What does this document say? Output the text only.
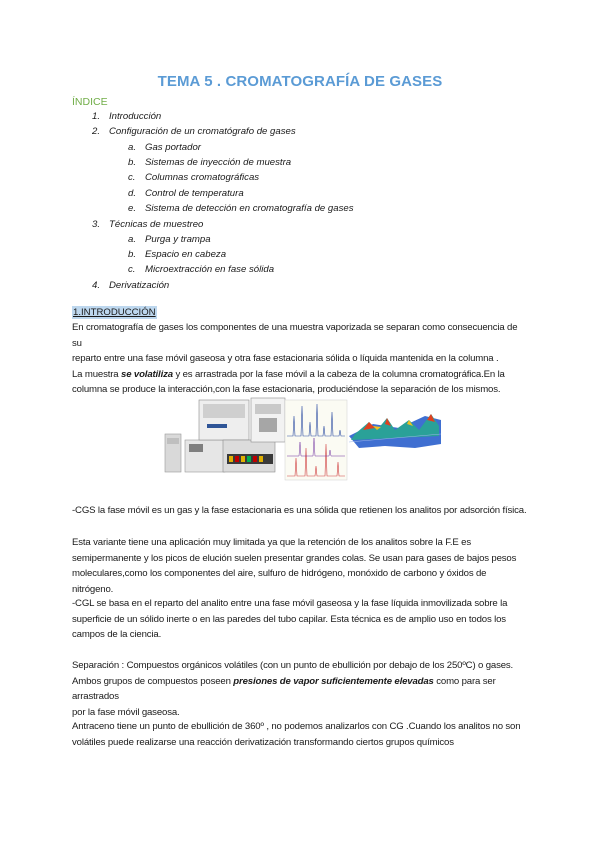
TEMA 5 . CROMATOGRAFÍA DE GASES
ÍNDICE
1. Introducción
2. Configuración de un cromatógrafo de gases
a. Gas portador
b. Sistemas de inyección de muestra
c. Columnas cromatográficas
d. Control de temperatura
e. Sistema de detección en cromatografía de gases
3. Técnicas de muestreo
a. Purga y trampa
b. Espacio en cabeza
c. Microextracción en fase sólida
4. Derivatización
1.INTRODUCCIÓN
En cromatografía de gases los componentes de una muestra vaporizada se separan como consecuencia de su
reparto entre una fase móvil gaseosa y otra fase estacionaria sólida o líquida mantenida en la columna .
La muestra se volatiliza y es arrastrada por la fase móvil a la cabeza de la columna cromatográfica.En la
columna se produce la interacción,con la fase estacionaria, produciéndose la separación de los mismos.
-CGS la fase móvil es un gas y la fase estacionaria es una sólida que retienen los analitos por adsorción física.
Esta variante tiene una aplicación muy limitada ya que la retención de los analitos sobre la F.E es
semipermanente y los picos de elución suelen presentar grandes colas. Se usan para gases de bajos pesos
moleculares,como los componentes del aire, sulfuro de hidrógeno, monóxido de carbono y óxidos de nitrógeno.
-CGL se basa en el reparto del analito entre una fase móvil gaseosa y la fase líquida inmovilizada sobre la
superficie de un sólido inerte o en las paredes del tubo capilar. Esta técnica es de amplio uso en todos los
campos de la ciencia.
Separación : Compuestos orgánicos volátiles (con un punto de ebullición por debajo de los 250ºC) o gases.
Ambos grupos de compuestos poseen presiones de vapor suficientemente elevadas como para ser arrastrados
por la fase móvil gaseosa.
Antraceno tiene un punto de ebullición de 360º , no podemos analizarlos con CG .Cuando los analitos no son
volátiles puede realizarse una reacción derivatización transformando ciertos grupos químicos
